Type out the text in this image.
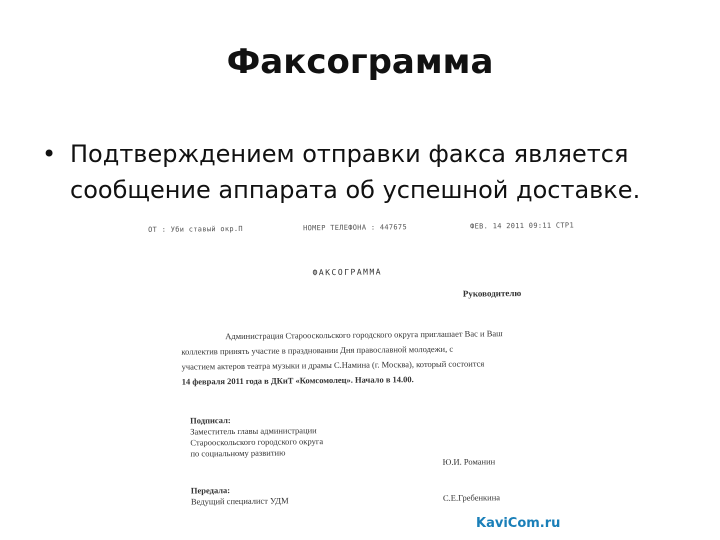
Факсограмма
• Подтверждением отправки факса является
сообщение аппарата об успешной доставке.
ОТ : Уби ставый окр.П	НОМЕР ТЕЛЕФОНА : 447675	ФЕВ. 14 2011 09:11 СТР1
ФАКСОГРАММА
Руководителю

Администрация Старооскольского городского округа приглашает Вас и Ваш

коллектив принять участие в праздновании Дня православной молодежи, с

участием актеров театра музыки и драмы С.Намина (г. Москва), который состоится

14 февраля 2011 года в ДКиТ «Комсомолец». Начало в 14.00.

Подписал:

Заместитель главы администрации

Старооскольского городского округа

по социальному развитию

Ю.И. Романин

Передала:

Ведущий специалист УДМ	С.Е.Гребенкина
KaviCom.ru
